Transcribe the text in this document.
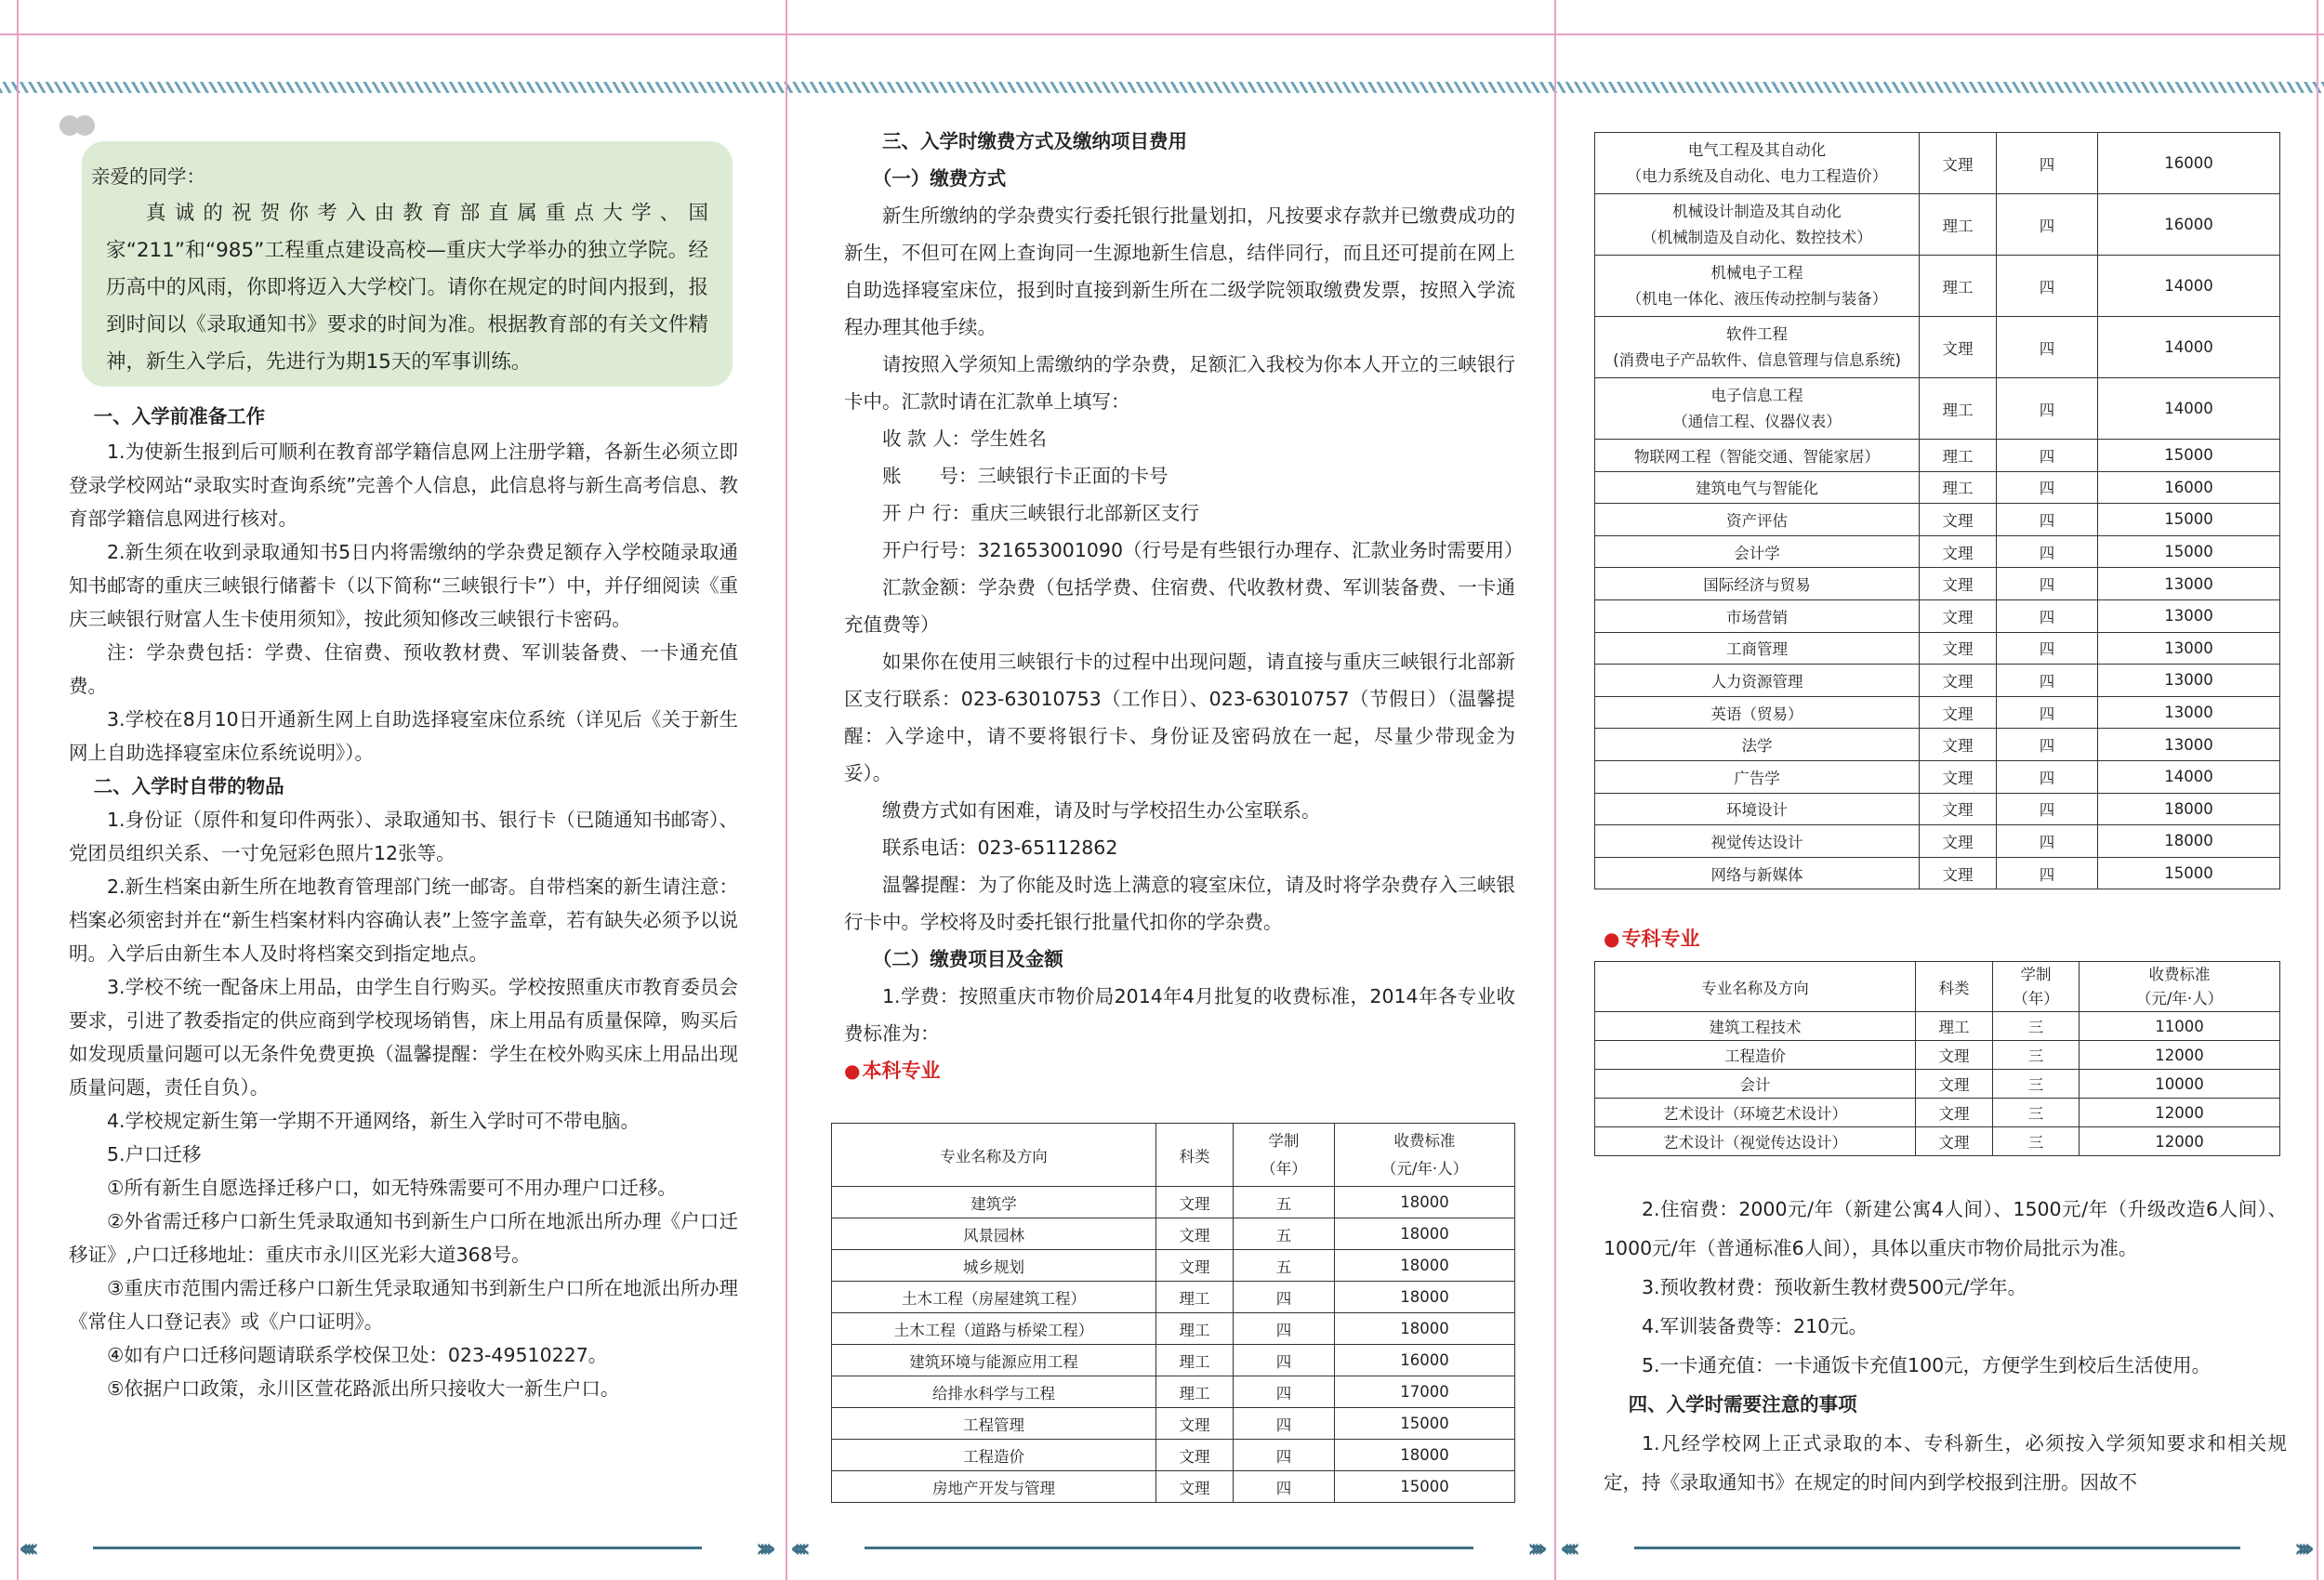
亲爱的同学：

真诚的祝贺你考入由教育部直属重点大学、国家“211”和“985”工程重点建设高校—重庆大学举办的独立学院。经历高中的风雨，你即将迈入大学校门。请你在规定的时间内报到，报到时间以《录取通知书》要求的时间为准。根据教育部的有关文件精神，新生入学后，先进行为期15天的军事训练。

一、入学前准备工作

1.为使新生报到后可顺利在教育部学籍信息网上注册学籍，各新生必须立即登录学校网站“录取实时查询系统”完善个人信息，此信息将与新生高考信息、教育部学籍信息网进行核对。

2.新生须在收到录取通知书5日内将需缴纳的学杂费足额存入学校随录取通知书邮寄的重庆三峡银行储蓄卡（以下简称“三峡银行卡”）中，并仔细阅读《重庆三峡银行财富人生卡使用须知》，按此须知修改三峡银行卡密码。

注：学杂费包括：学费、住宿费、预收教材费、军训装备费、一卡通充值费。

3.学校在8月10日开通新生网上自助选择寝室床位系统（详见后《关于新生网上自助选择寝室床位系统说明》）。

二、入学时自带的物品

1.身份证（原件和复印件两张）、录取通知书、银行卡（已随通知书邮寄）、党团员组织关系、一寸免冠彩色照片12张等。

2.新生档案由新生所在地教育管理部门统一邮寄。自带档案的新生请注意：档案必须密封并在“新生档案材料内容确认表”上签字盖章，若有缺失必须予以说明。入学后由新生本人及时将档案交到指定地点。

3.学校不统一配备床上用品，由学生自行购买。学校按照重庆市教育委员会要求，引进了教委指定的供应商到学校现场销售，床上用品有质量保障，购买后如发现质量问题可以无条件免费更换（温馨提醒：学生在校外购买床上用品出现质量问题，责任自负）。

4.学校规定新生第一学期不开通网络，新生入学时可不带电脑。

5.户口迁移

①所有新生自愿选择迁移户口，如无特殊需要可不用办理户口迁移。

②外省需迁移户口新生凭录取通知书到新生户口所在地派出所办理《户口迁移证》,户口迁移地址：重庆市永川区光彩大道368号。

③重庆市范围内需迁移户口新生凭录取通知书到新生户口所在地派出所办理《常住人口登记表》或《户口证明》。

④如有户口迁移问题请联系学校保卫处：023-49510227。

⑤依据户口政策，永川区萱花路派出所只接收大一新生户口。

三、入学时缴费方式及缴纳项目费用

（一）缴费方式

新生所缴纳的学杂费实行委托银行批量划扣，凡按要求存款并已缴费成功的新生，不但可在网上查询同一生源地新生信息，结伴同行，而且还可提前在网上自助选择寝室床位，报到时直接到新生所在二级学院领取缴费发票，按照入学流程办理其他手续。

请按照入学须知上需缴纳的学杂费，足额汇入我校为你本人开立的三峡银行卡中。汇款时请在汇款单上填写：

收 款 人：学生姓名

账　　号：三峡银行卡正面的卡号

开 户 行：重庆三峡银行北部新区支行

开户行号：321653001090（行号是有些银行办理存、汇款业务时需要用）

汇款金额：学杂费（包括学费、住宿费、代收教材费、军训装备费、一卡通充值费等）

如果你在使用三峡银行卡的过程中出现问题，请直接与重庆三峡银行北部新区支行联系：023-63010753（工作日）、023-63010757（节假日）（温馨提醒：入学途中，请不要将银行卡、身份证及密码放在一起，尽量少带现金为妥）。

缴费方式如有困难，请及时与学校招生办公室联系。

联系电话：023-65112862

温馨提醒：为了你能及时选上满意的寝室床位，请及时将学杂费存入三峡银行卡中。学校将及时委托银行批量代扣你的学杂费。

（二）缴费项目及金额

1.学费：按照重庆市物价局2014年4月批复的收费标准，2014年各专业收费标准为：

● 本科专业

专业名称及方向	科类	学制
（年）	收费标准
（元/年·人）
建筑学	文理	五	18000
风景园林	文理	五	18000
城乡规划	文理	五	18000
土木工程（房屋建筑工程）	理工	四	18000
土木工程（道路与桥梁工程）	理工	四	18000
建筑环境与能源应用工程	理工	四	16000
给排水科学与工程	理工	四	17000
工程管理	文理	四	15000
工程造价	文理	四	18000
房地产开发与管理	文理	四	15000
电气工程及其自动化
（电力系统及自动化、电力工程造价）	文理	四	16000
机械设计制造及其自动化
（机械制造及自动化、数控技术）	理工	四	16000
机械电子工程
（机电一体化、液压传动控制与装备）	理工	四	14000
软件工程
(消费电子产品软件、信息管理与信息系统)	文理	四	14000
电子信息工程
（通信工程、仪器仪表）	理工	四	14000
物联网工程（智能交通、智能家居）	理工	四	15000
建筑电气与智能化	理工	四	16000
资产评估	文理	四	15000
会计学	文理	四	15000
国际经济与贸易	文理	四	13000
市场营销	文理	四	13000
工商管理	文理	四	13000
人力资源管理	文理	四	13000
英语（贸易）	文理	四	13000
法学	文理	四	13000
广告学	文理	四	14000
环境设计	文理	四	18000
视觉传达设计	文理	四	18000
网络与新媒体	文理	四	15000

● 专科专业

专业名称及方向	科类	学制
（年）	收费标准
（元/年·人）
建筑工程技术	理工	三	11000
工程造价	文理	三	12000
会计	文理	三	10000
艺术设计（环境艺术设计）	文理	三	12000
艺术设计（视觉传达设计）	文理	三	12000

2.住宿费：2000元/年（新建公寓4人间）、1500元/年（升级改造6人间）、1000元/年（普通标准6人间），具体以重庆市物价局批示为准。

3.预收教材费：预收新生教材费500元/学年。

4.军训装备费等：210元。

5.一卡通充值：一卡通饭卡充值100元，方便学生到校后生活使用。

四、入学时需要注意的事项

1.凡经学校网上正式录取的本、专科新生，必须按入学须知要求和相关规定，持《录取通知书》在规定的时间内到学校报到注册。因故不

‹‹‹‹	›››› ‹‹‹‹	›››› ‹‹‹‹	››››
